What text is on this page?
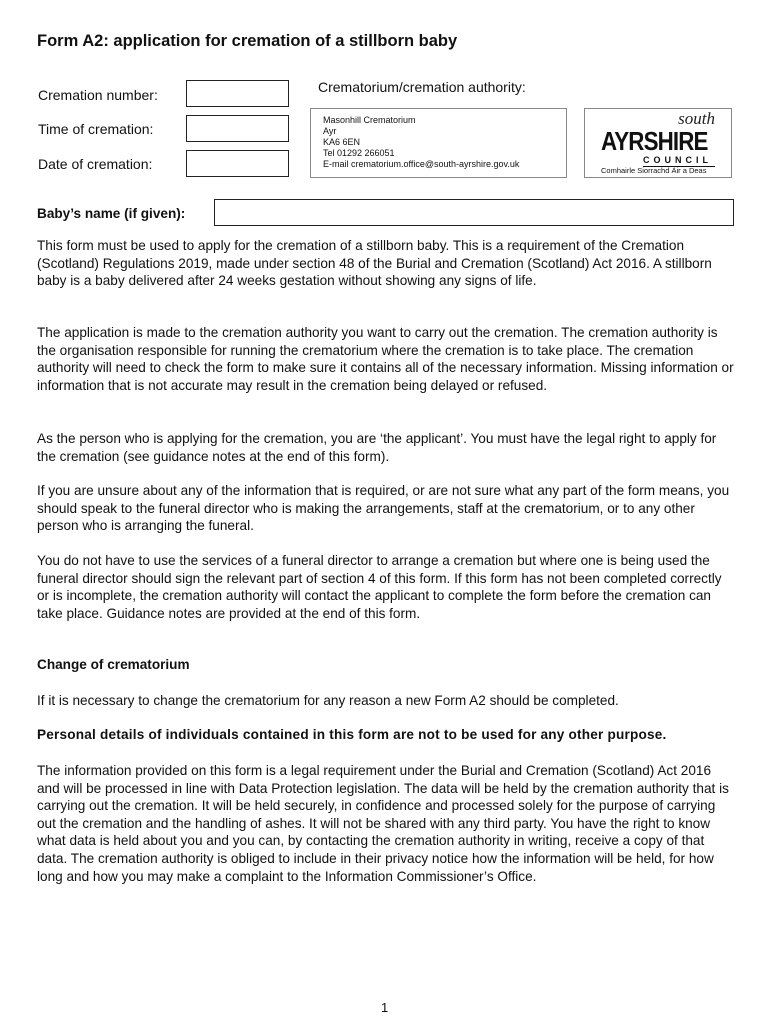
Form A2: application for cremation of a stillborn baby
Cremation number:
Time of cremation:
Date of cremation:
Crematorium/cremation authority:
Masonhill Crematorium
Ayr
KA6 6EN
Tel 01292 266051
E-mail crematorium.office@south-ayrshire.gov.uk
south
AYRSHIRE
COUNCIL
Comhairle Siorrachd Àir a Deas
Baby’s name (if given):

This form must be used to apply for the cremation of a stillborn baby. This is a requirement of the Cremation (Scotland) Regulations 2019, made under section 48 of the Burial and Cremation (Scotland) Act 2016. A stillborn baby is a baby delivered after 24 weeks gestation without showing any signs of life.

The application is made to the cremation authority you want to carry out the cremation. The cremation authority is the organisation responsible for running the crematorium where the cremation is to take place. The cremation authority will need to check the form to make sure it contains all of the necessary information. Missing information or information that is not accurate may result in the cremation being delayed or refused.

As the person who is applying for the cremation, you are ‘the applicant’. You must have the legal right to apply for the cremation (see guidance notes at the end of this form).

If you are unsure about any of the information that is required, or are not sure what any part of the form means, you should speak to the funeral director who is making the arrangements, staff at the crematorium, or to any other person who is arranging the funeral.

You do not have to use the services of a funeral director to arrange a cremation but where one is being used the funeral director should sign the relevant part of section 4 of this form. If this form has not been completed correctly or is incomplete, the cremation authority will contact the applicant to complete the form before the cremation can take place. Guidance notes are provided at the end of this form.

Change of crematorium

If it is necessary to change the crematorium for any reason a new Form A2 should be completed.

Personal details of individuals contained in this form are not to be used for any other purpose.

The information provided on this form is a legal requirement under the Burial and Cremation (Scotland) Act 2016 and will be processed in line with Data Protection legislation. The data will be held by the cremation authority that is carrying out the cremation. It will be held securely, in confidence and processed solely for the purpose of carrying out the cremation and the handling of ashes. It will not be shared with any third party. You have the right to know what data is held about you and you can, by contacting the cremation authority in writing, receive a copy of that data. The cremation authority is obliged to include in their privacy notice how the information will be held, for how long and how you may make a complaint to the Information Commissioner’s Office.

1
